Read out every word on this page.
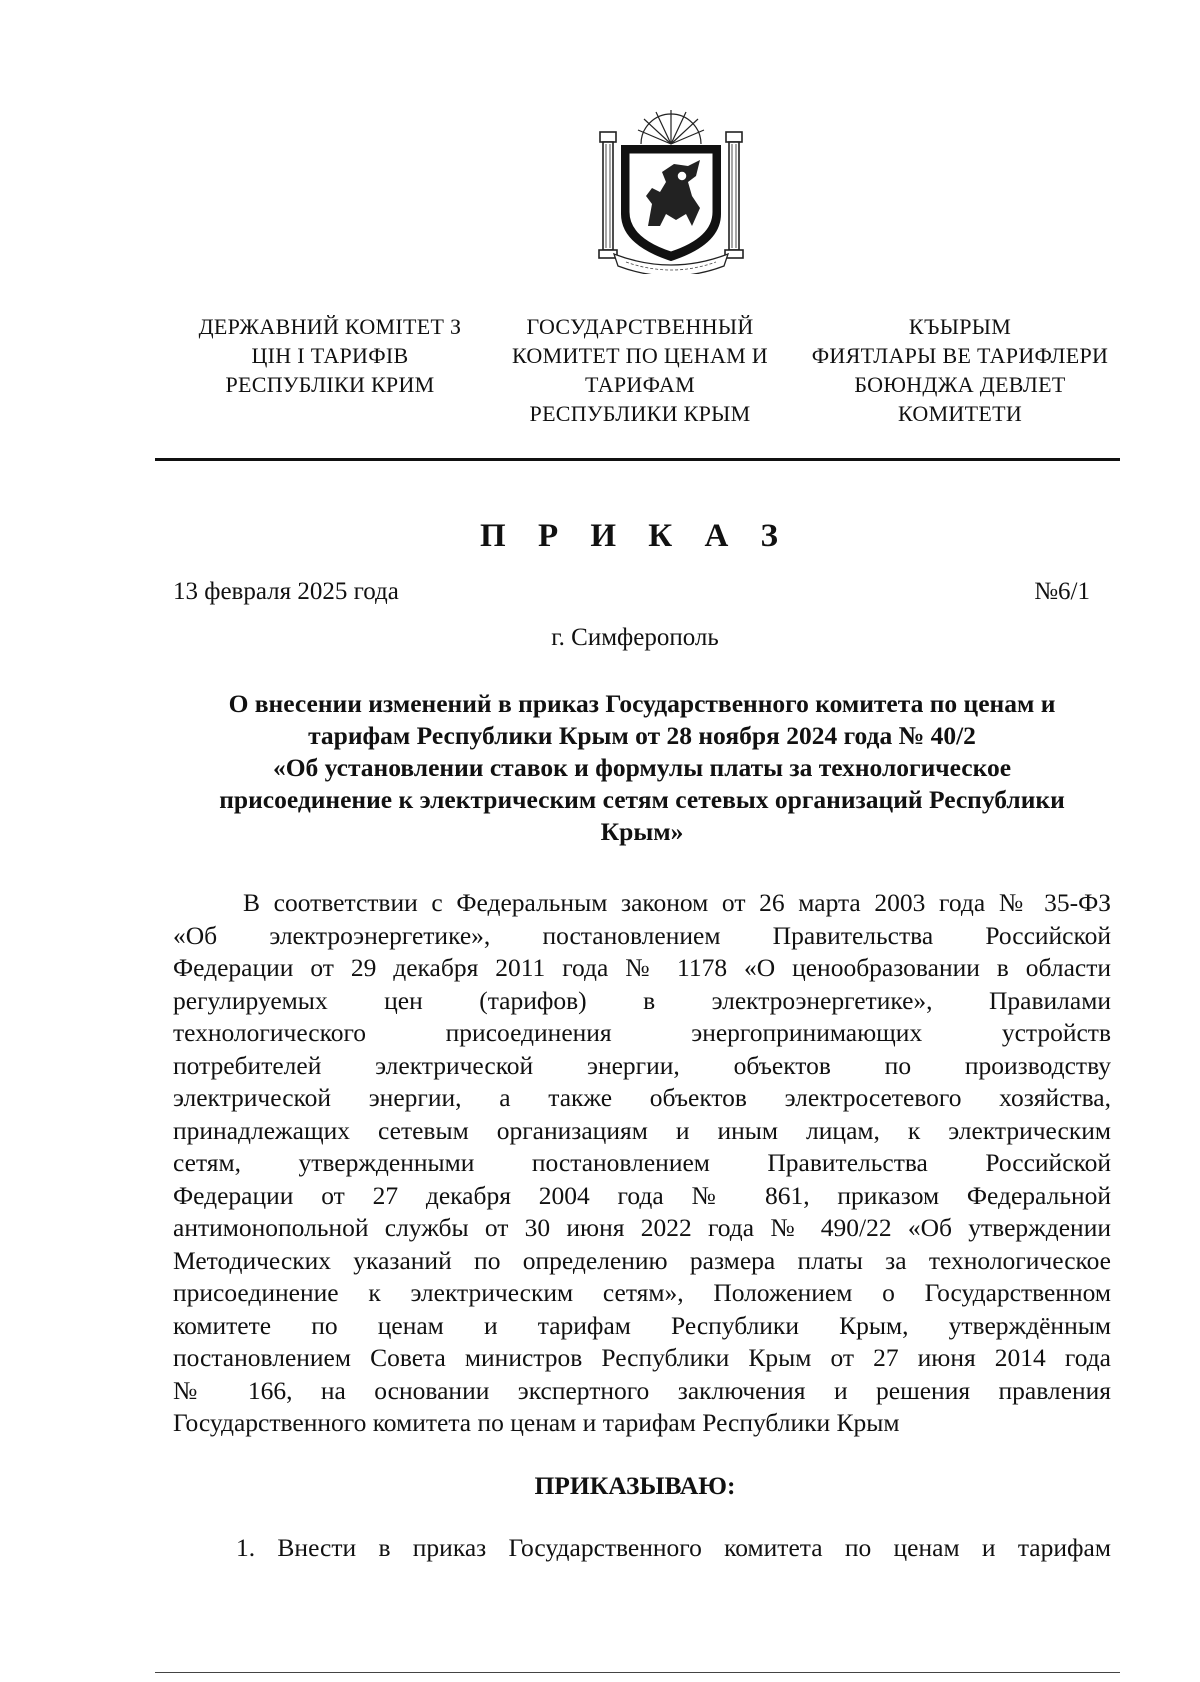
ДЕРЖАВНИЙ КОМІТЕТ З
ЦІН І ТАРИФІВ
РЕСПУБЛІКИ КРИМ
ГОСУДАРСТВЕННЫЙ
КОМИТЕТ ПО ЦЕНАМ И
ТАРИФАМ
РЕСПУБЛИКИ КРЫМ
КЪЫРЫМ
ФИЯТЛАРЫ ВЕ ТАРИФЛЕРИ
БОЮНДЖА ДЕВЛЕТ
КОМИТЕТИ
П Р И К А З
13 февраля 2025 года	№6/1
г. Симферополь
О внесении изменений в приказ Государственного комитета по ценам и
тарифам Республики Крым от 28 ноября 2024 года № 40/2
«Об установлении ставок и формулы платы за технологическое
присоединение к электрическим сетям сетевых организаций Республики
Крым»
В соответствии с Федеральным законом от 26 марта 2003 года № 35-ФЗ
«Об электроэнергетике», постановлением Правительства Российской
Федерации от 29 декабря 2011 года № 1178 «О ценообразовании в области
регулируемых цен (тарифов) в электроэнергетике», Правилами
технологического присоединения энергопринимающих устройств
потребителей электрической энергии, объектов по производству
электрической энергии, а также объектов электросетевого хозяйства,
принадлежащих сетевым организациям и иным лицам, к электрическим
сетям, утвержденными постановлением Правительства Российской
Федерации от 27 декабря 2004 года № 861, приказом Федеральной
антимонопольной службы от 30 июня 2022 года № 490/22 «Об утверждении
Методических указаний по определению размера платы за технологическое
присоединение к электрическим сетям», Положением о Государственном
комитете по ценам и тарифам Республики Крым, утверждённым
постановлением Совета министров Республики Крым от 27 июня 2014 года
№ 166, на основании экспертного заключения и решения правления
Государственного комитета по ценам и тарифам Республики Крым
ПРИКАЗЫВАЮ:
1. Внести в приказ Государственного комитета по ценам и тарифам
